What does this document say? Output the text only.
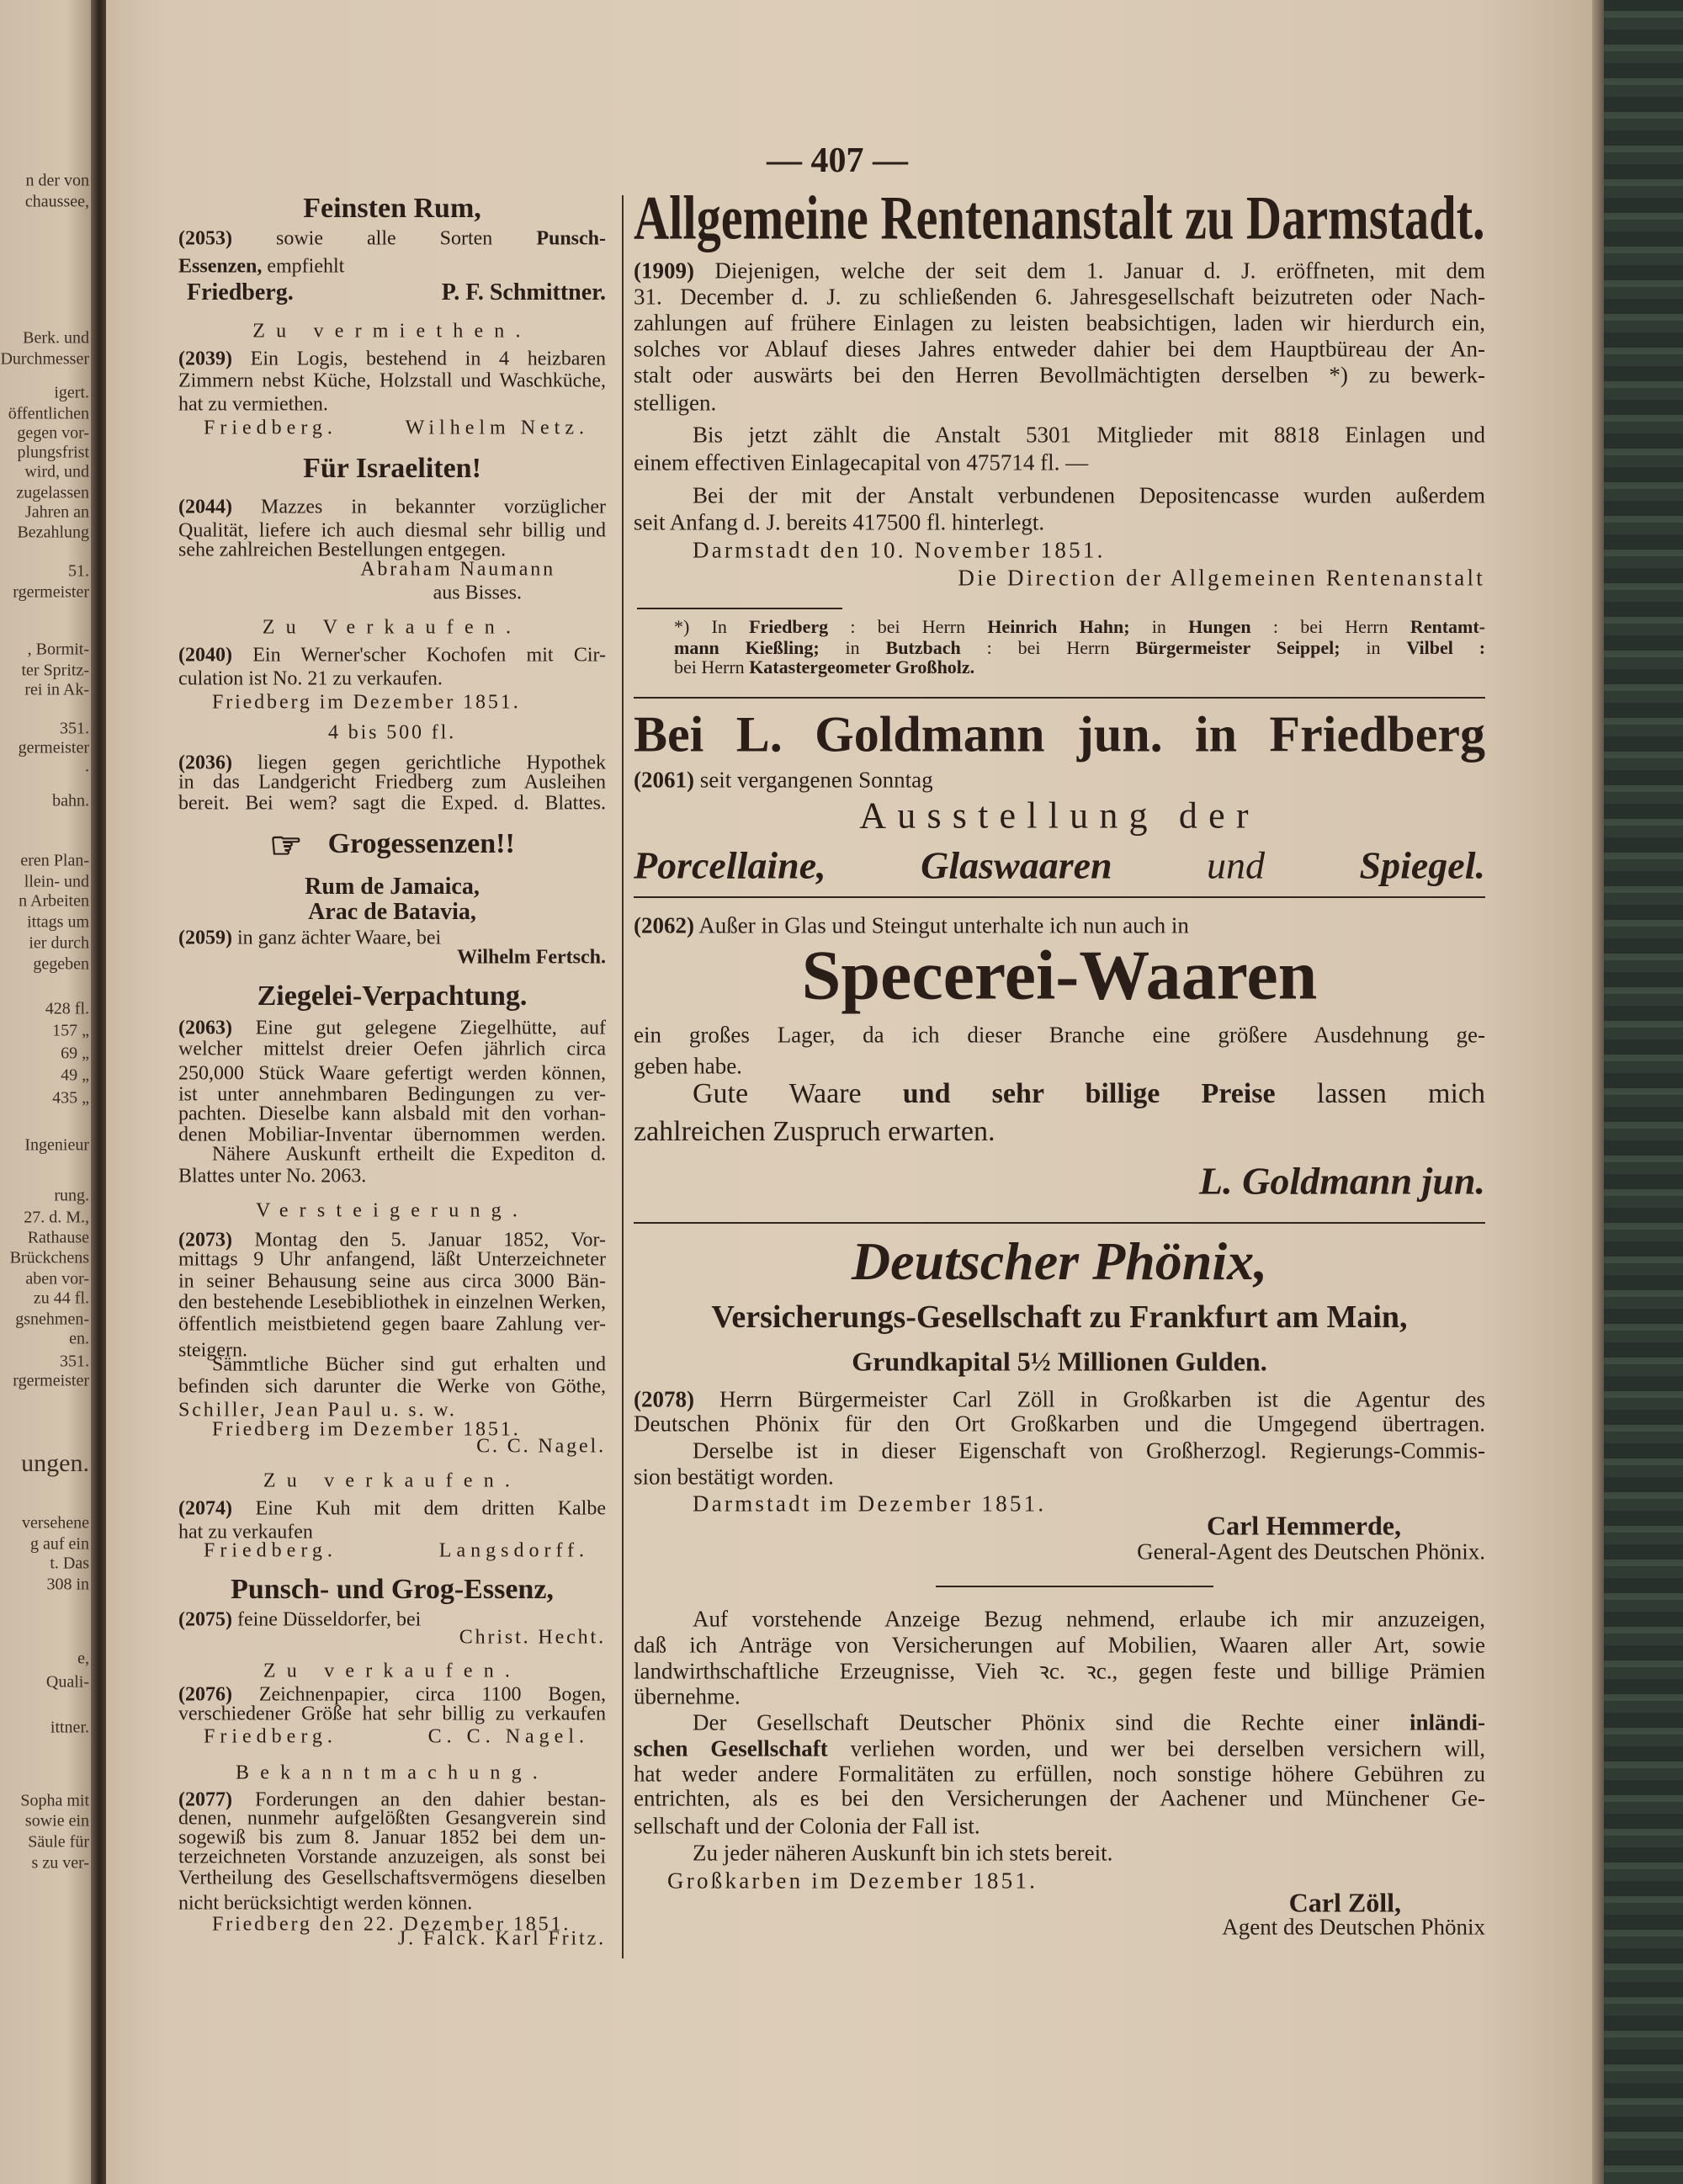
n der von
chaussee,
Berk. und
Durchmesser
igert.
öffentlichen
gegen vor-
plungsfrist
wird, und
zugelassen
Jahren an
Bezahlung
51.
rgermeister
, Bormit-
ter Spritz-
rei in Ak-
351.
germeister
.
bahn.
eren Plan-
llein- und
n Arbeiten
ittags um
ier durch
gegeben
428 fl.
157 „
69 „
49 „
435 „
Ingenieur
rung.
27. d. M.,
Rathause
Brückchens
aben vor-
zu 44 fl.
gsnehmen-
en.
351.
rgermeister
ungen.
versehene
g auf ein
t. Das
308 in
e,
Quali-
ittner.
Sopha mit
sowie ein
Säule für
s zu ver-
— 407 —
Feinsten Rum,
(2053) sowie alle Sorten Punsch-
Essenzen, empfiehlt
Friedberg.	P. F. Schmittner.
Zu vermiethen.
(2039) Ein Logis, bestehend in 4 heizbaren
Zimmern nebst Küche, Holzstall und Waschküche,
hat zu vermiethen.
Friedberg.	Wilhelm Netz.
Für Israeliten!
(2044) Mazzes in bekannter vorzüglicher
Qualität, liefere ich auch diesmal sehr billig und
sehe zahlreichen Bestellungen entgegen.
Abraham Naumann
aus Bisses.
Zu Verkaufen.
(2040) Ein Werner'scher Kochofen mit Cir-
culation ist No. 21 zu verkaufen.
Friedberg im Dezember 1851.
4 bis 500 fl.
(2036) liegen gegen gerichtliche Hypothek
in das Landgericht Friedberg zum Ausleihen
bereit. Bei wem? sagt die Exped. d. Blattes.
☞ Grogessenzen!!
Rum de Jamaica,
Arac de Batavia,
(2059) in ganz ächter Waare, bei
Wilhelm Fertsch.
Ziegelei-Verpachtung.
(2063) Eine gut gelegene Ziegelhütte, auf
welcher mittelst dreier Oefen jährlich circa
250,000 Stück Waare gefertigt werden können,
ist unter annehmbaren Bedingungen zu ver-
pachten. Dieselbe kann alsbald mit den vorhan-
denen Mobiliar-Inventar übernommen werden.
Nähere Auskunft ertheilt die Expediton d.
Blattes unter No. 2063.
Versteigerung.
(2073) Montag den 5. Januar 1852, Vor-
mittags 9 Uhr anfangend, läßt Unterzeichneter
in seiner Behausung seine aus circa 3000 Bän-
den bestehende Lesebibliothek in einzelnen Werken,
öffentlich meistbietend gegen baare Zahlung ver-
steigern.
Sämmtliche Bücher sind gut erhalten und
befinden sich darunter die Werke von Göthe,
Schiller, Jean Paul u. s. w.
Friedberg im Dezember 1851.
C. C. Nagel.
Zu verkaufen.
(2074) Eine Kuh mit dem dritten Kalbe
hat zu verkaufen
Friedberg.	Langsdorff.
Punsch- und Grog-Essenz,
(2075) feine Düsseldorfer, bei
Christ. Hecht.
Zu verkaufen.
(2076) Zeichnenpapier, circa 1100 Bogen,
verschiedener Größe hat sehr billig zu verkaufen
Friedberg.	C. C. Nagel.
Bekanntmachung.
(2077) Forderungen an den dahier bestan-
denen, nunmehr aufgelößten Gesangverein sind
sogewiß bis zum 8. Januar 1852 bei dem un-
terzeichneten Vorstande anzuzeigen, als sonst bei
Vertheilung des Gesellschaftsvermögens dieselben
nicht berücksichtigt werden können.
Friedberg den 22. Dezember 1851.
J. Falck. Karl Fritz.
Allgemeine Rentenanstalt zu Darmstadt.
(1909) Diejenigen, welche der seit dem 1. Januar d. J. eröffneten, mit dem
31. December d. J. zu schließenden 6. Jahresgesellschaft beizutreten oder Nach-
zahlungen auf frühere Einlagen zu leisten beabsichtigen, laden wir hierdurch ein,
solches vor Ablauf dieses Jahres entweder dahier bei dem Hauptbüreau der An-
stalt oder auswärts bei den Herren Bevollmächtigten derselben *) zu bewerk-
stelligen.
Bis jetzt zählt die Anstalt 5301 Mitglieder mit 8818 Einlagen und
einem effectiven Einlagecapital von 475714 fl. —
Bei der mit der Anstalt verbundenen Depositencasse wurden außerdem
seit Anfang d. J. bereits 417500 fl. hinterlegt.
Darmstadt den 10. November 1851.
Die Direction der Allgemeinen Rentenanstalt
*) In Friedberg : bei Herrn Heinrich Hahn; in Hungen : bei Herrn Rentamt-
mann Kießling; in Butzbach : bei Herrn Bürgermeister Seippel; in Vilbel :
bei Herrn Katastergeometer Großholz.
Bei L. Goldmann jun. in Friedberg
(2061) seit vergangenen Sonntag
Ausstellung der
Porcellaine, Glaswaaren und Spiegel.
(2062) Außer in Glas und Steingut unterhalte ich nun auch in
Specerei-Waaren
ein großes Lager, da ich dieser Branche eine größere Ausdehnung ge-
geben habe.
Gute Waare und sehr billige Preise lassen mich
zahlreichen Zuspruch erwarten.
L. Goldmann jun.
Deutscher Phönix,
Versicherungs-Gesellschaft zu Frankfurt am Main,
Grundkapital 5½ Millionen Gulden.
(2078) Herrn Bürgermeister Carl Zöll in Großkarben ist die Agentur des
Deutschen Phönix für den Ort Großkarben und die Umgegend übertragen.
Derselbe ist in dieser Eigenschaft von Großherzogl. Regierungs-Commis-
sion bestätigt worden.
Darmstadt im Dezember 1851.
Carl Hemmerde,
General-Agent des Deutschen Phönix.
Auf vorstehende Anzeige Bezug nehmend, erlaube ich mir anzuzeigen,
daß ich Anträge von Versicherungen auf Mobilien, Waaren aller Art, sowie
landwirthschaftliche Erzeugnisse, Vieh ꝛc. ꝛc., gegen feste und billige Prämien
übernehme.
Der Gesellschaft Deutscher Phönix sind die Rechte einer inländi-
schen Gesellschaft verliehen worden, und wer bei derselben versichern will,
hat weder andere Formalitäten zu erfüllen, noch sonstige höhere Gebühren zu
entrichten, als es bei den Versicherungen der Aachener und Münchener Ge-
sellschaft und der Colonia der Fall ist.
Zu jeder näheren Auskunft bin ich stets bereit.
Großkarben im Dezember 1851.
Carl Zöll,
Agent des Deutschen Phönix
